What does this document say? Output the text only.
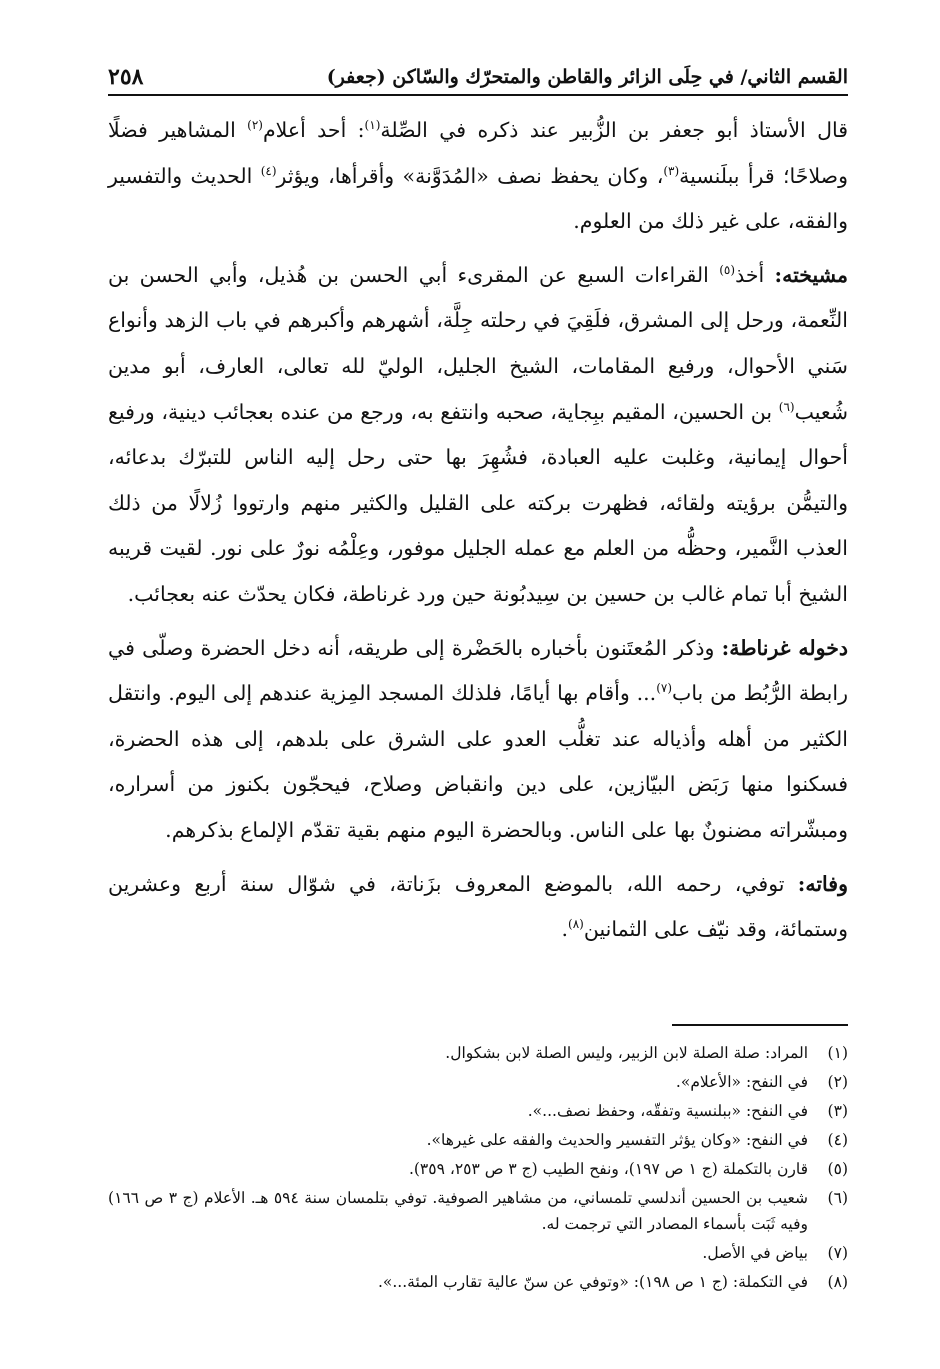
القسم الثاني/ في حِلَى الزائر والقاطن والمتحرّك والسّاكن (جعفر)
٢٥٨

قال الأستاذ أبو جعفر بن الزُّبير عند ذكره في الصِّلة$^{(١)}$: أحد أعلام$^{(٢)}$ المشاهير فضلًا وصلاحًا؛ قرأ ببلَنسية$^{(٣)}$، وكان يحفظ نصف «المُدَوَّنة» وأقرأها، ويؤثر$^{(٤)}$ الحديث والتفسير والفقه، على غير ذلك من العلوم.

مشيخته: أخذ$^{(٥)}$ القراءات السبع عن المقرىء أبي الحسن بن هُذيل، وأبي الحسن بن النِّعمة، ورحل إلى المشرق، فلَقِيَ في رحلته جِلَّة، أشهرهم وأكبرهم في باب الزهد وأنواع سَني الأحوال، ورفيع المقامات، الشيخ الجليل، الوليّ لله تعالى، العارف، أبو مدين شُعيب$^{(٦)}$ بن الحسين، المقيم ببِجاية، صحبه وانتفع به، ورجع من عنده بعجائب دينية، ورفيع أحوال إيمانية، وغلبت عليه العبادة، فشُهِرَ بها حتى رحل إليه الناس للتبرّك بدعائه، والتيمُّن برؤيته ولقائه، فظهرت بركته على القليل والكثير منهم وارتووا زُلالًا من ذلك العذب النَّمير، وحظُّه من العلم مع عمله الجليل موفور، وعِلْمُه نورٌ على نور. لقيت قريبه الشيخ أبا تمام غالب بن حسين بن سِيدبُونة حين ورد غرناطة، فكان يحدّث عنه بعجائب.

دخوله غرناطة: وذكر المُعتَنون بأخباره بالحَضْرة إلى طريقه، أنه دخل الحضرة وصلّى في رابطة الرُّبُط من باب$^{(٧)}$... وأقام بها أيامًا، فلذلك المسجد المِزية عندهم إلى اليوم. وانتقل الكثير من أهله وأذياله عند تغلُّب العدو على الشرق على بلدهم، إلى هذه الحضرة، فسكنوا منها رَبَض البيّازين، على دين وانقباض وصلاح، فيحجّون بكنوز من أسراره، ومبشّراته مضنونٌ بها على الناس. وبالحضرة اليوم منهم بقية تقدّم الإلماع بذكرهم.

وفاته: توفي، رحمه الله، بالموضع المعروف بزَناتة، في شوّال سنة أربع وعشرين وستمائة، وقد نيّف على الثمانين$^{(٨)}$.

(١)
المراد: صلة الصلة لابن الزبير، وليس الصلة لابن بشكوال.
(٢)
في النفح: «الأعلام».
(٣)
في النفح: «ببلنسية وتفقّه، وحفظ نصف...».
(٤)
في النفح: «وكان يؤثر التفسير والحديث والفقه على غيرها».
(٥)
قارن بالتكملة (ج ١ ص ١٩٧)، ونفح الطيب (ج ٣ ص ٢٥٣، ٣٥٩).
(٦)
شعيب بن الحسين أندلسي تلمساني، من مشاهير الصوفية. توفي بتلمسان سنة ٥٩٤ هـ. الأعلام (ج ٣ ص ١٦٦) وفيه ثَبَت بأسماء المصادر التي ترجمت له.
(٧)
بياض في الأصل.
(٨)
في التكملة: (ج ١ ص ١٩٨): «وتوفي عن سنّ عالية تقارب المئة...».
